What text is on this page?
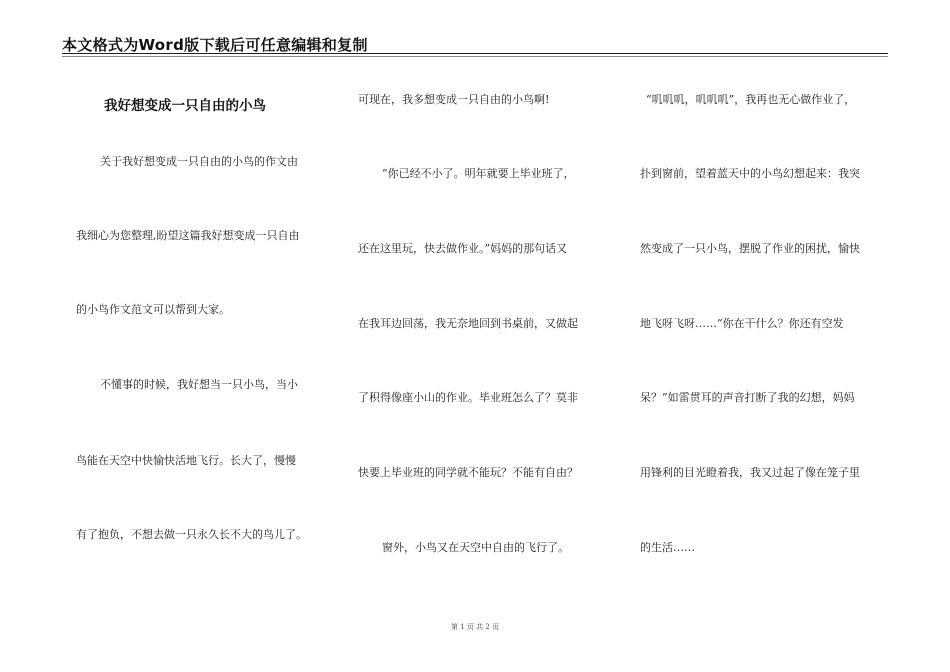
本文格式为Word版下载后可任意编辑和复制
我好想变成一只自由的小鸟
关于我好想变成一只自由的小鸟的作文由
我细心为您整理,盼望这篇我好想变成一只自由
的小鸟作文范文可以帮到大家。
不懂事的时候，我好想当一只小鸟，当小
鸟能在天空中快愉快活地飞行。长大了，慢慢
有了抱负，不想去做一只永久长不大的鸟儿了。
可现在，我多想变成一只自由的小鸟啊!
“你已经不小了。明年就要上毕业班了，
还在这里玩，快去做作业。”妈妈的那句话又
在我耳边回荡，我无奈地回到书桌前，又做起
了积得像座小山的作业。毕业班怎么了？莫非
快要上毕业班的同学就不能玩？不能有自由？
窗外，小鸟又在天空中自由的飞行了。
“叽叽叽，叽叽叽”，我再也无心做作业了，
扑到窗前，望着蓝天中的小鸟幻想起来：我突
然变成了一只小鸟，摆脱了作业的困扰，愉快
地飞呀飞呀……“你在干什么？你还有空发
呆？”如雷贯耳的声音打断了我的幻想，妈妈
用锋利的目光瞪着我，我又过起了像在笼子里
的生活……
第 1 页 共 2 页
